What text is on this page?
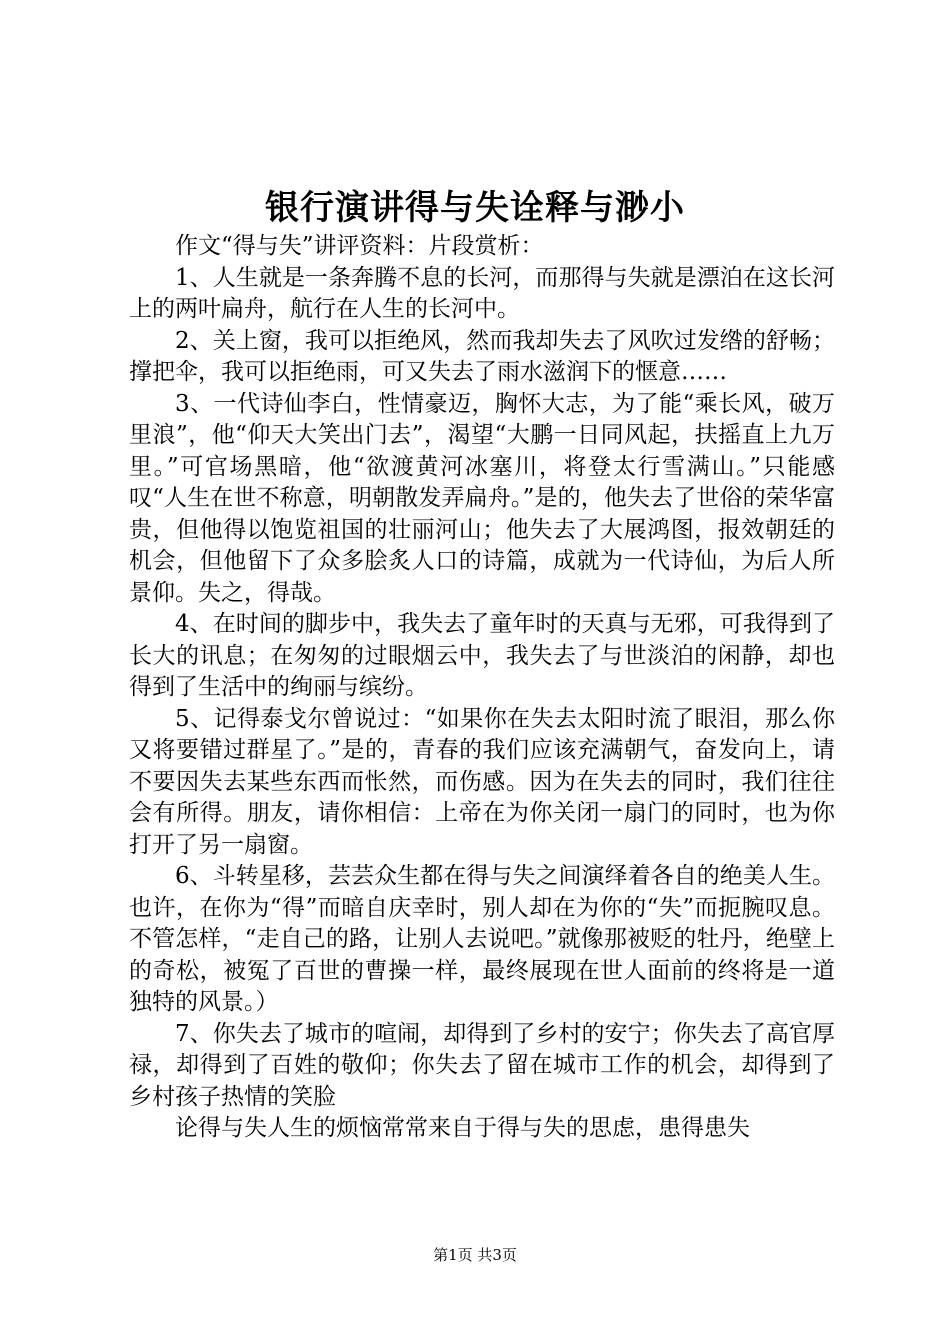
银行演讲得与失诠释与渺小

作文“得与失”讲评资料：片段赏析：

1、人生就是一条奔腾不息的长河，而那得与失就是漂泊在这长河上的两叶扁舟，航行在人生的长河中。

2、关上窗，我可以拒绝风，然而我却失去了风吹过发绺的舒畅；撑把伞，我可以拒绝雨，可又失去了雨水滋润下的惬意……

3、一代诗仙李白，性情豪迈，胸怀大志，为了能“乘长风，破万里浪”，他“仰天大笑出门去”，渴望“大鹏一日同风起，扶摇直上九万里。”可官场黑暗，他“欲渡黄河冰塞川，将登太行雪满山。”只能感叹“人生在世不称意，明朝散发弄扁舟。”是的，他失去了世俗的荣华富贵，但他得以饱览祖国的壮丽河山；他失去了大展鸿图，报效朝廷的机会，但他留下了众多脍炙人口的诗篇，成就为一代诗仙，为后人所景仰。失之，得哉。

4、在时间的脚步中，我失去了童年时的天真与无邪，可我得到了长大的讯息；在匆匆的过眼烟云中，我失去了与世淡泊的闲静，却也得到了生活中的绚丽与缤纷。

5、记得泰戈尔曾说过：“如果你在失去太阳时流了眼泪，那么你又将要错过群星了。”是的，青春的我们应该充满朝气，奋发向上，请不要因失去某些东西而怅然，而伤感。因为在失去的同时，我们往往会有所得。朋友，请你相信：上帝在为你关闭一扇门的同时，也为你打开了另一扇窗。

6、斗转星移，芸芸众生都在得与失之间演绎着各自的绝美人生。也许，在你为“得”而暗自庆幸时，别人却在为你的“失”而扼腕叹息。不管怎样，“走自己的路，让别人去说吧。”就像那被贬的牡丹，绝壁上的奇松，被冤了百世的曹操一样，最终展现在世人面前的终将是一道独特的风景。）

7、你失去了城市的喧闹，却得到了乡村的安宁；你失去了高官厚禄，却得到了百姓的敬仰；你失去了留在城市工作的机会，却得到了乡村孩子热情的笑脸

论得与失人生的烦恼常常来自于得与失的思虑，患得患失

第1页 共3页
